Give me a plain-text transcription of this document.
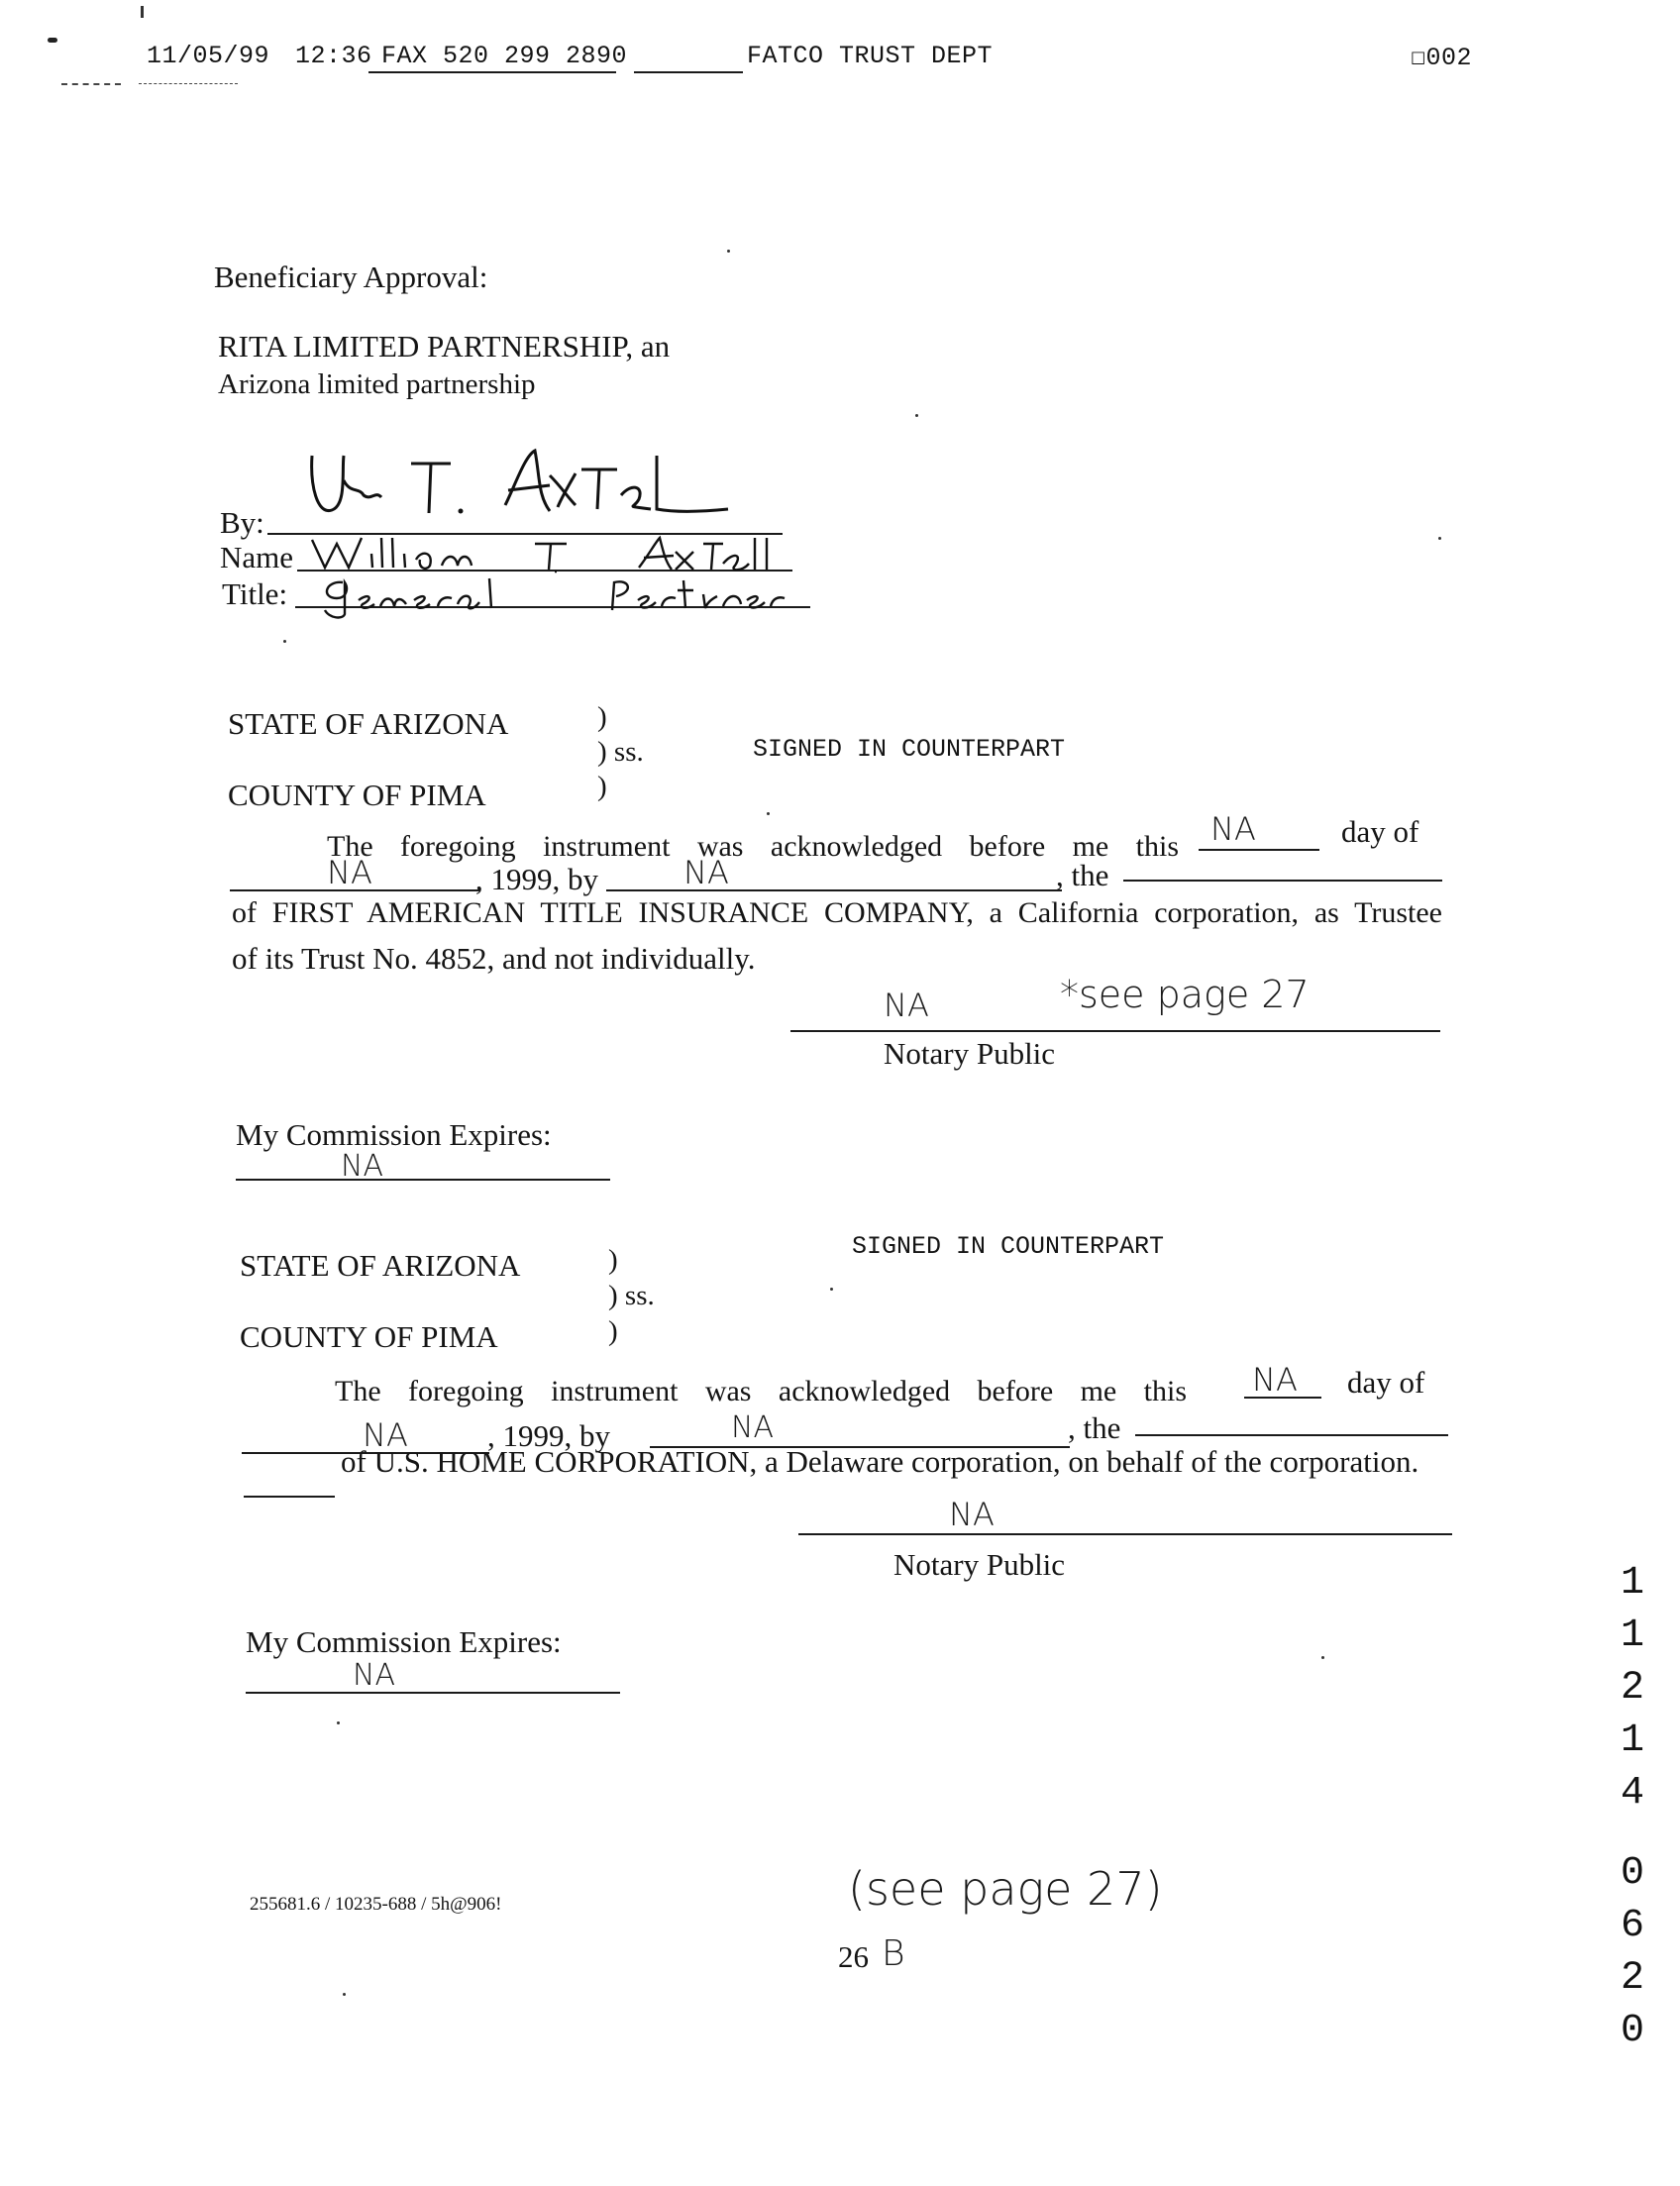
11/05/99 12:36 FAX 520 299 2890	FATCO TRUST DEPT	☐002
Beneficiary Approval:
RITA LIMITED PARTNERSHIP, an
Arizona limited partnership
By:
Name
Title:
STATE OF ARIZONA	)
) ss.
)
SIGNED IN COUNTERPART
COUNTY OF PIMA
The foregoing instrument was acknowledged before me this NA	day of
NA	, 1999, by	NA	, the
of FIRST AMERICAN TITLE INSURANCE COMPANY, a California corporation, as Trustee
of its Trust No. 4852, and not individually.
NA	*see page 27
Notary Public
My Commission Expires:
NA
SIGNED IN COUNTERPART
STATE OF ARIZONA	)
) ss.
)
COUNTY OF PIMA
The foregoing instrument was acknowledged before me this NA day of
NA	, 1999, by	NA	, the
of U.S. HOME CORPORATION, a Delaware corporation, on behalf of the corporation.
NA
Notary Public
My Commission Expires:
NA
255681.6 / 10235-688 / 5h@906!	(see page 27)
26 B
1
1
2
1
4
0
6
2
0
